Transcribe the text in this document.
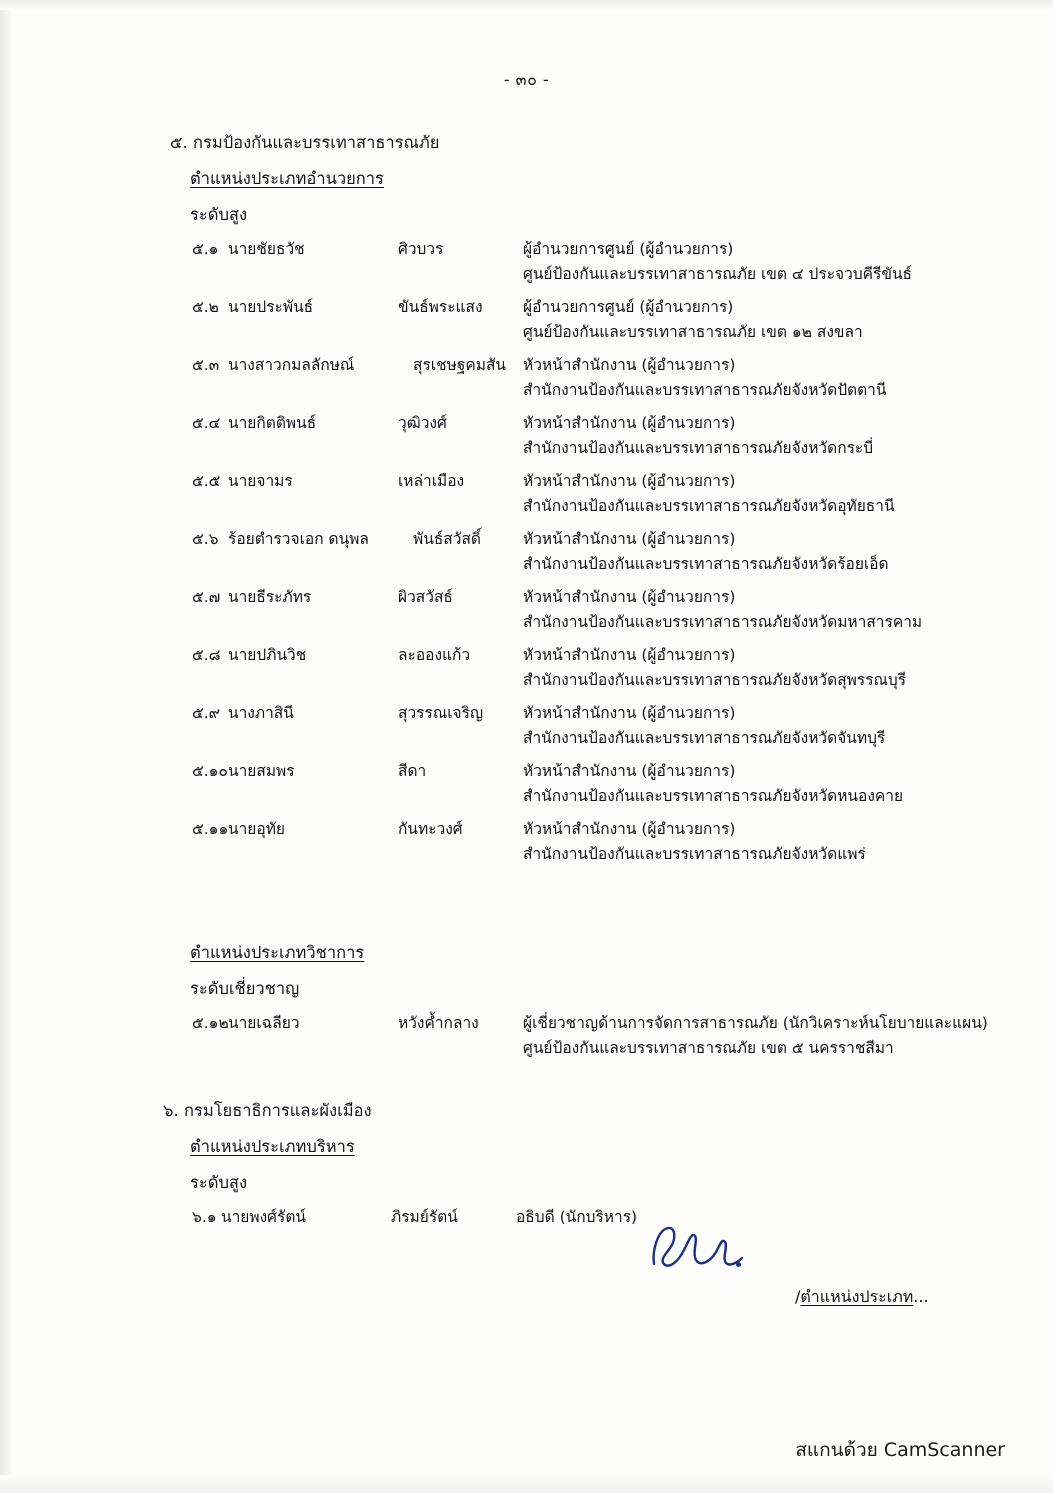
- ๓๐ -
๕. กรมป้องกันและบรรเทาสาธารณภัย
ตำแหน่งประเภทอำนวยการ
ระดับสูง
๕.๑ นายชัยธวัช	ศิวบวร	ผู้อำนวยการศูนย์ (ผู้อำนวยการ)
ศูนย์ป้องกันและบรรเทาสาธารณภัย เขต ๔ ประจวบคีรีขันธ์
๕.๒ นายประพันธ์	ขันธ์พระแสง	ผู้อำนวยการศูนย์ (ผู้อำนวยการ)
ศูนย์ป้องกันและบรรเทาสาธารณภัย เขต ๑๒ สงขลา
๕.๓ นางสาวกมลลักษณ์	สุรเชษฐคมสัน	หัวหน้าสำนักงาน (ผู้อำนวยการ)
สำนักงานป้องกันและบรรเทาสาธารณภัยจังหวัดปัตตานี
๕.๔ นายกิตติพนธ์	วุฒิวงศ์	หัวหน้าสำนักงาน (ผู้อำนวยการ)
สำนักงานป้องกันและบรรเทาสาธารณภัยจังหวัดกระบี่
๕.๕ นายจามร	เหล่าเมือง	หัวหน้าสำนักงาน (ผู้อำนวยการ)
สำนักงานป้องกันและบรรเทาสาธารณภัยจังหวัดอุทัยธานี
๕.๖ ร้อยตำรวจเอก ดนุพล	พันธ์สวัสดิ์	หัวหน้าสำนักงาน (ผู้อำนวยการ)
สำนักงานป้องกันและบรรเทาสาธารณภัยจังหวัดร้อยเอ็ด
๕.๗ นายธีระภัทร	ผิวสวัสธ์	หัวหน้าสำนักงาน (ผู้อำนวยการ)
สำนักงานป้องกันและบรรเทาสาธารณภัยจังหวัดมหาสารคาม
๕.๘ นายปภินวิช	ละอองแก้ว	หัวหน้าสำนักงาน (ผู้อำนวยการ)
สำนักงานป้องกันและบรรเทาสาธารณภัยจังหวัดสุพรรณบุรี
๕.๙ นางภาสินี	สุวรรณเจริญ	หัวหน้าสำนักงาน (ผู้อำนวยการ)
สำนักงานป้องกันและบรรเทาสาธารณภัยจังหวัดจันทบุรี
๕.๑๐ นายสมพร	สีดา	หัวหน้าสำนักงาน (ผู้อำนวยการ)
สำนักงานป้องกันและบรรเทาสาธารณภัยจังหวัดหนองคาย
๕.๑๑ นายอุทัย	กันทะวงศ์	หัวหน้าสำนักงาน (ผู้อำนวยการ)
สำนักงานป้องกันและบรรเทาสาธารณภัยจังหวัดแพร่
ตำแหน่งประเภทวิชาการ
ระดับเชี่ยวชาญ
๕.๑๒ นายเฉลียว	หวังค้ำกลาง	ผู้เชี่ยวชาญด้านการจัดการสาธารณภัย (นักวิเคราะห์นโยบายและแผน)
ศูนย์ป้องกันและบรรเทาสาธารณภัย เขต ๕ นครราชสีมา
๖. กรมโยธาธิการและผังเมือง
ตำแหน่งประเภทบริหาร
ระดับสูง
๖.๑ นายพงศ์รัตน์	ภิรมย์รัตน์	อธิบดี (นักบริหาร)
/ตำแหน่งประเภท...
สแกนด้วย CamScanner
